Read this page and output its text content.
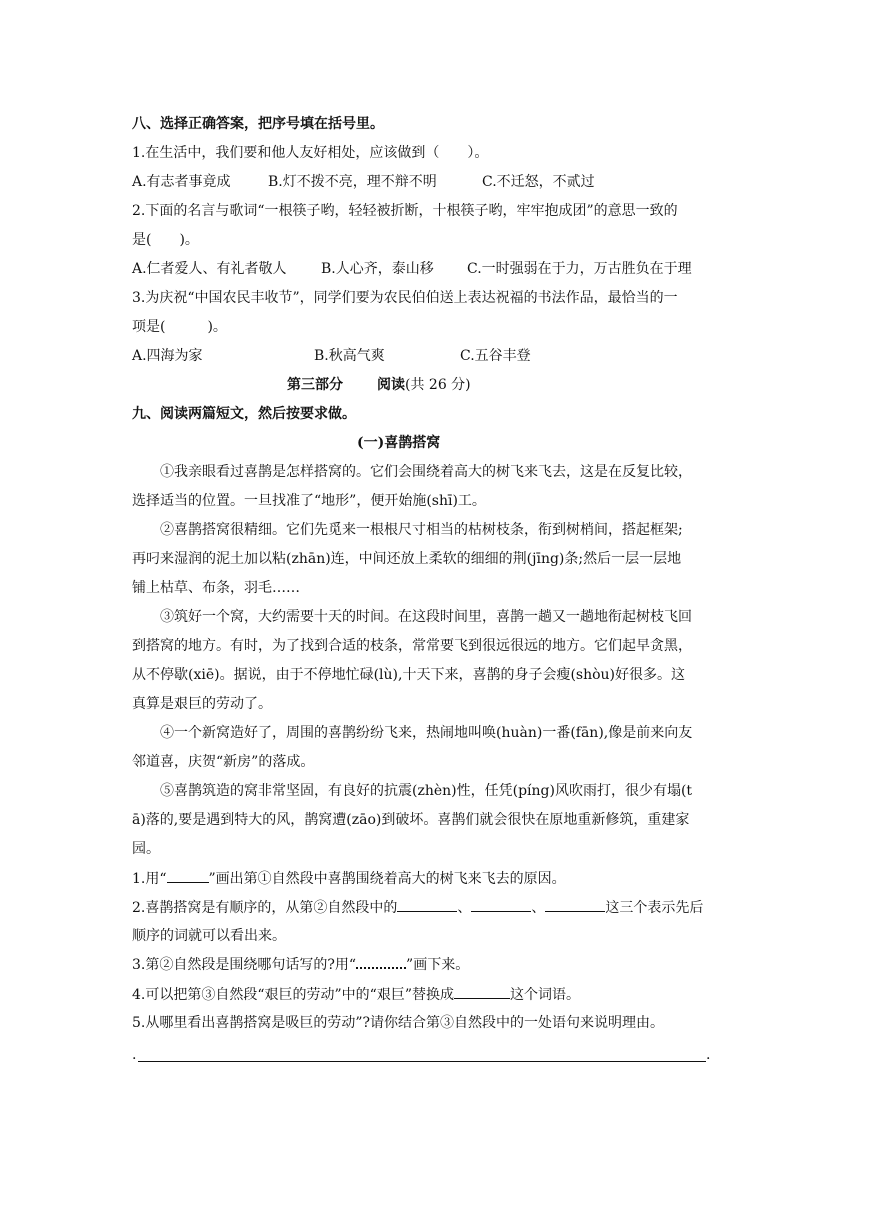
八、选择正确答案，把序号填在括号里。
1.在生活中，我们要和他人友好相处，应该做到（　　）。
A.有志者事竟成	B.灯不拨不亮，理不辩不明	C.不迁怒，不贰过
2.下面的名言与歌词“一根筷子哟，轻轻被折断，十根筷子哟，牢牢抱成团”的意思一致的
是(　　)。
A.仁者爱人、有礼者敬人 B.人心齐，泰山移 C.一时强弱在于力，万古胜负在于理
3.为庆祝“中国农民丰收节”，同学们要为农民伯伯送上表达祝福的书法作品，最恰当的一
项是(　　　)。
A.四海为家	B.秋高气爽	C.五谷丰登
第三部分 阅读(共 26 分)
九、阅读两篇短文，然后按要求做。
(一)喜鹊搭窝
①我亲眼看过喜鹊是怎样搭窝的。它们会围绕着高大的树飞来飞去，这是在反复比较，
选择适当的位置。一旦找准了“地形”，便开始施(shī)工。
②喜鹊搭窝很精细。它们先觅来一根根尺寸相当的枯树枝条，衔到树梢间，搭起框架;
再叼来湿润的泥土加以粘(zhān)连，中间还放上柔软的细细的荆(jīng)条;然后一层一层地
铺上枯草、布条，羽毛……
③筑好一个窝，大约需要十天的时间。在这段时间里，喜鹊一趟又一趟地衔起树枝飞回
到搭窝的地方。有时，为了找到合适的枝条，常常要飞到很远很远的地方。它们起早贪黑，
从不停歇(xiē)。据说，由于不停地忙碌(lù),十天下来，喜鹊的身子会瘦(shòu)好很多。这
真算是艰巨的劳动了。
④一个新窝造好了，周围的喜鹊纷纷飞来，热闹地叫唤(huàn)一番(fān),像是前来向友
邻道喜，庆贺“新房”的落成。
⑤喜鹊筑造的窝非常坚固，有良好的抗震(zhèn)性，任凭(píng)风吹雨打，很少有塌(t
ā)落的,要是遇到特大的风，鹊窝遭(zāo)到破坏。喜鹊们就会很快在原地重新修筑，重建家
园。
1.用“	”画出第①自然段中喜鹊围绕着高大的树飞来飞去的原因。
2.喜鹊搭窝是有顺序的，从第②自然段中的	、	、	这三个表示先后
顺序的词就可以看出来。
3.第②自然段是围绕哪句话写的?用“	”画下来。
4.可以把第③自然段“艰巨的劳动”中的“艰巨”替换成	这个词语。
5.从哪里看出喜鹊搭窝是吸巨的劳动”?请你结合第③自然段中的一处语句来说明理由。
.	.
